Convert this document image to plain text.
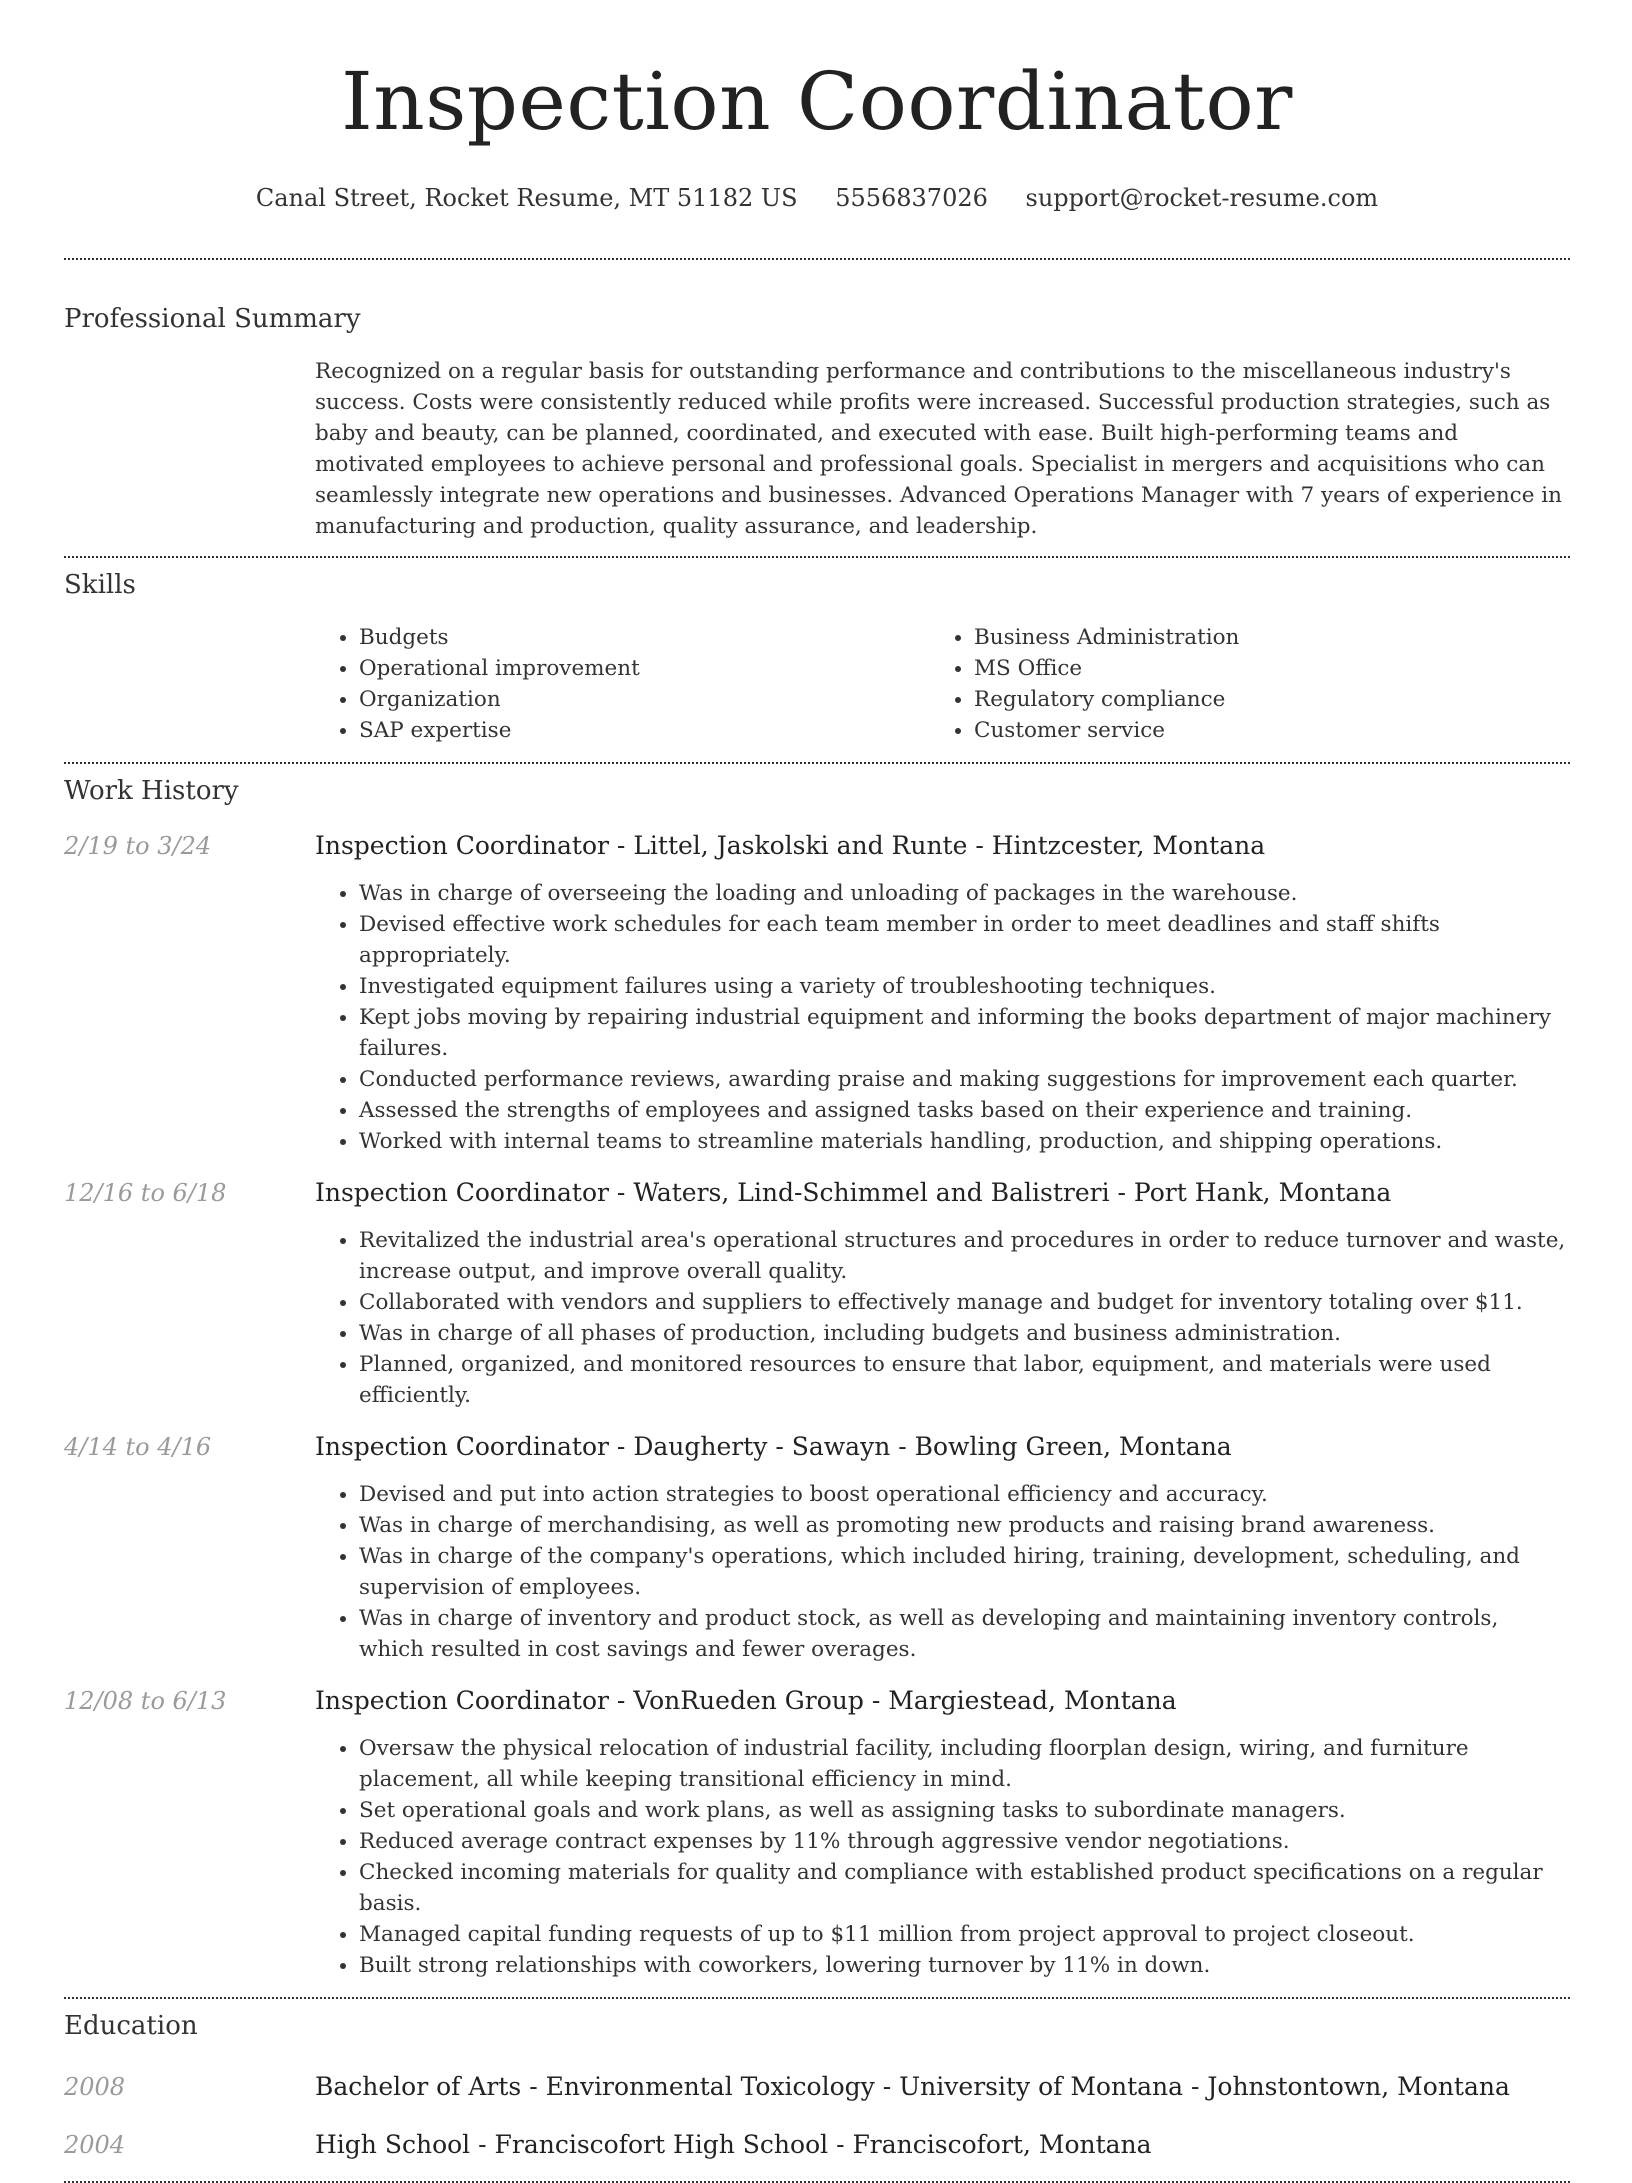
Inspection Coordinator
Canal Street, Rocket Resume, MT 51182 US 5556837026 support@rocket-resume.com
Professional Summary
Recognized on a regular basis for outstanding performance and contributions to the miscellaneous industry's success. Costs were consistently reduced while profits were increased. Successful production strategies, such as baby and beauty, can be planned, coordinated, and executed with ease. Built high-performing teams and motivated employees to achieve personal and professional goals. Specialist in mergers and acquisitions who can seamlessly integrate new operations and businesses. Advanced Operations Manager with 7 years of experience in manufacturing and production, quality assurance, and leadership.
Skills
• Budgets
• Operational improvement
• Organization
• SAP expertise
• Business Administration
• MS Office
• Regulatory compliance
• Customer service
Work History
2/19 to 3/24	Inspection Coordinator - Littel, Jaskolski and Runte - Hintzcester, Montana
• Was in charge of overseeing the loading and unloading of packages in the warehouse.
• Devised effective work schedules for each team member in order to meet deadlines and staff shifts appropriately.
• Investigated equipment failures using a variety of troubleshooting techniques.
• Kept jobs moving by repairing industrial equipment and informing the books department of major machinery failures.
• Conducted performance reviews, awarding praise and making suggestions for improvement each quarter.
• Assessed the strengths of employees and assigned tasks based on their experience and training.
• Worked with internal teams to streamline materials handling, production, and shipping operations.
12/16 to 6/18	Inspection Coordinator - Waters, Lind-Schimmel and Balistreri - Port Hank, Montana
• Revitalized the industrial area's operational structures and procedures in order to reduce turnover and waste, increase output, and improve overall quality.
• Collaborated with vendors and suppliers to effectively manage and budget for inventory totaling over $11.
• Was in charge of all phases of production, including budgets and business administration.
• Planned, organized, and monitored resources to ensure that labor, equipment, and materials were used efficiently.
4/14 to 4/16	Inspection Coordinator - Daugherty - Sawayn - Bowling Green, Montana
• Devised and put into action strategies to boost operational efficiency and accuracy.
• Was in charge of merchandising, as well as promoting new products and raising brand awareness.
• Was in charge of the company's operations, which included hiring, training, development, scheduling, and supervision of employees.
• Was in charge of inventory and product stock, as well as developing and maintaining inventory controls, which resulted in cost savings and fewer overages.
12/08 to 6/13	Inspection Coordinator - VonRueden Group - Margiestead, Montana
• Oversaw the physical relocation of industrial facility, including floorplan design, wiring, and furniture placement, all while keeping transitional efficiency in mind.
• Set operational goals and work plans, as well as assigning tasks to subordinate managers.
• Reduced average contract expenses by 11% through aggressive vendor negotiations.
• Checked incoming materials for quality and compliance with established product specifications on a regular basis.
• Managed capital funding requests of up to $11 million from project approval to project closeout.
• Built strong relationships with coworkers, lowering turnover by 11% in down.
Education
2008	Bachelor of Arts - Environmental Toxicology - University of Montana - Johnstontown, Montana
2004	High School - Franciscofort High School - Franciscofort, Montana
